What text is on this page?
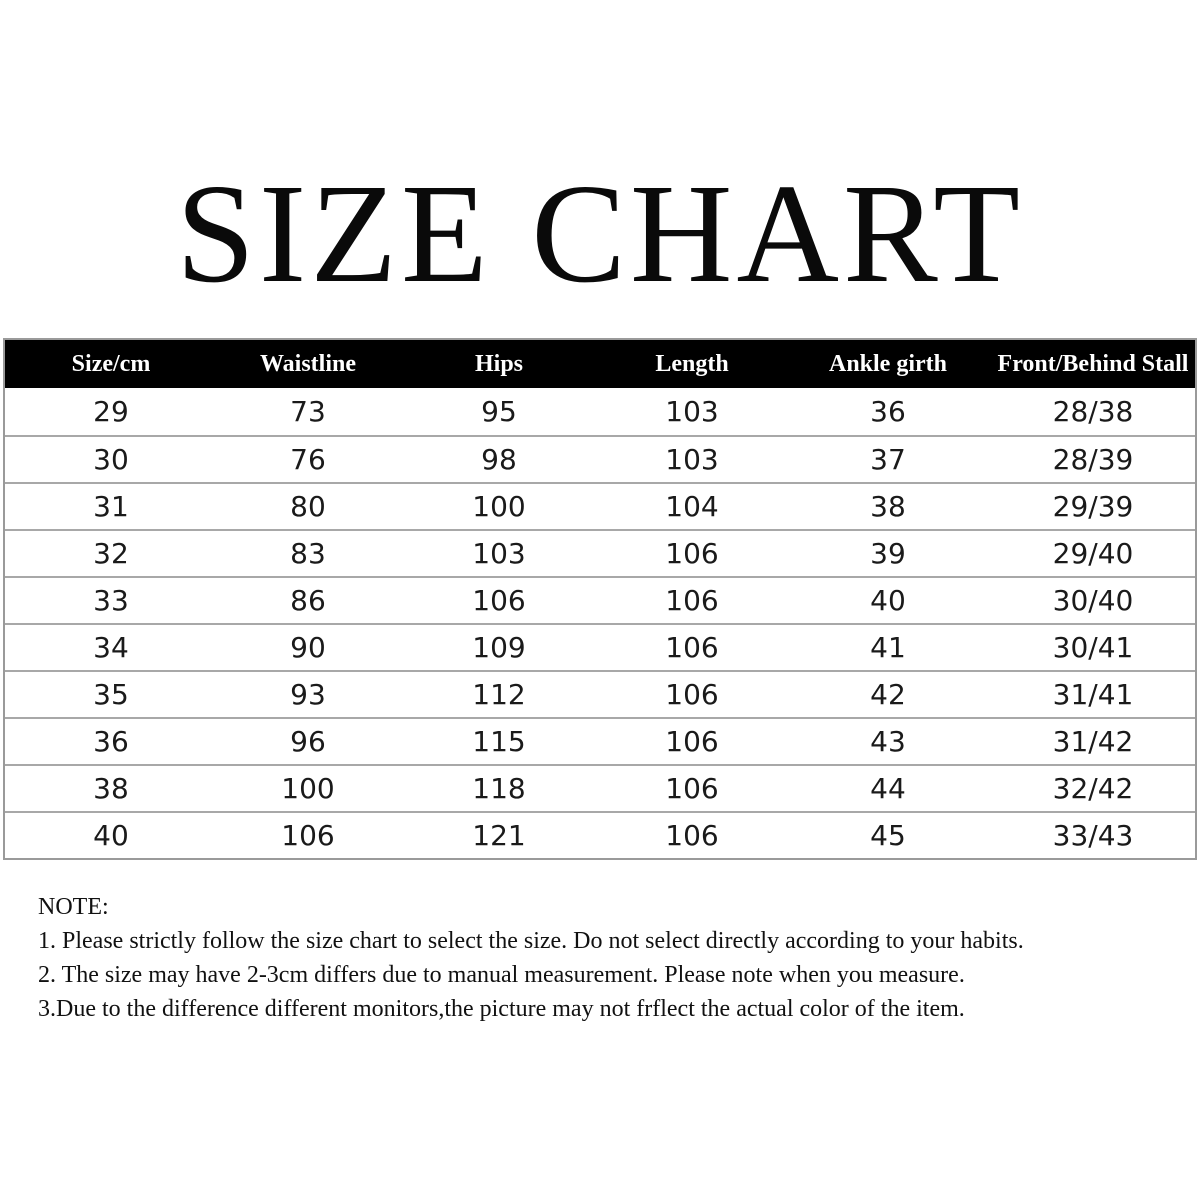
SIZE CHART
Size/cm	Waistline	Hips	Length	Ankle girth	Front/Behind Stall
29	73	95	103	36	28/38
30	76	98	103	37	28/39
31	80	100	104	38	29/39
32	83	103	106	39	29/40
33	86	106	106	40	30/40
34	90	109	106	41	30/41
35	93	112	106	42	31/41
36	96	115	106	43	31/42
38	100	118	106	44	32/42
40	106	121	106	45	33/43
NOTE:
1. Please strictly follow the size chart to select the size. Do not select directly according to your habits.
2. The size may have 2-3cm differs due to manual measurement. Please note when you measure.
3.Due to the difference different monitors,the picture may not frflect the actual color of the item.
